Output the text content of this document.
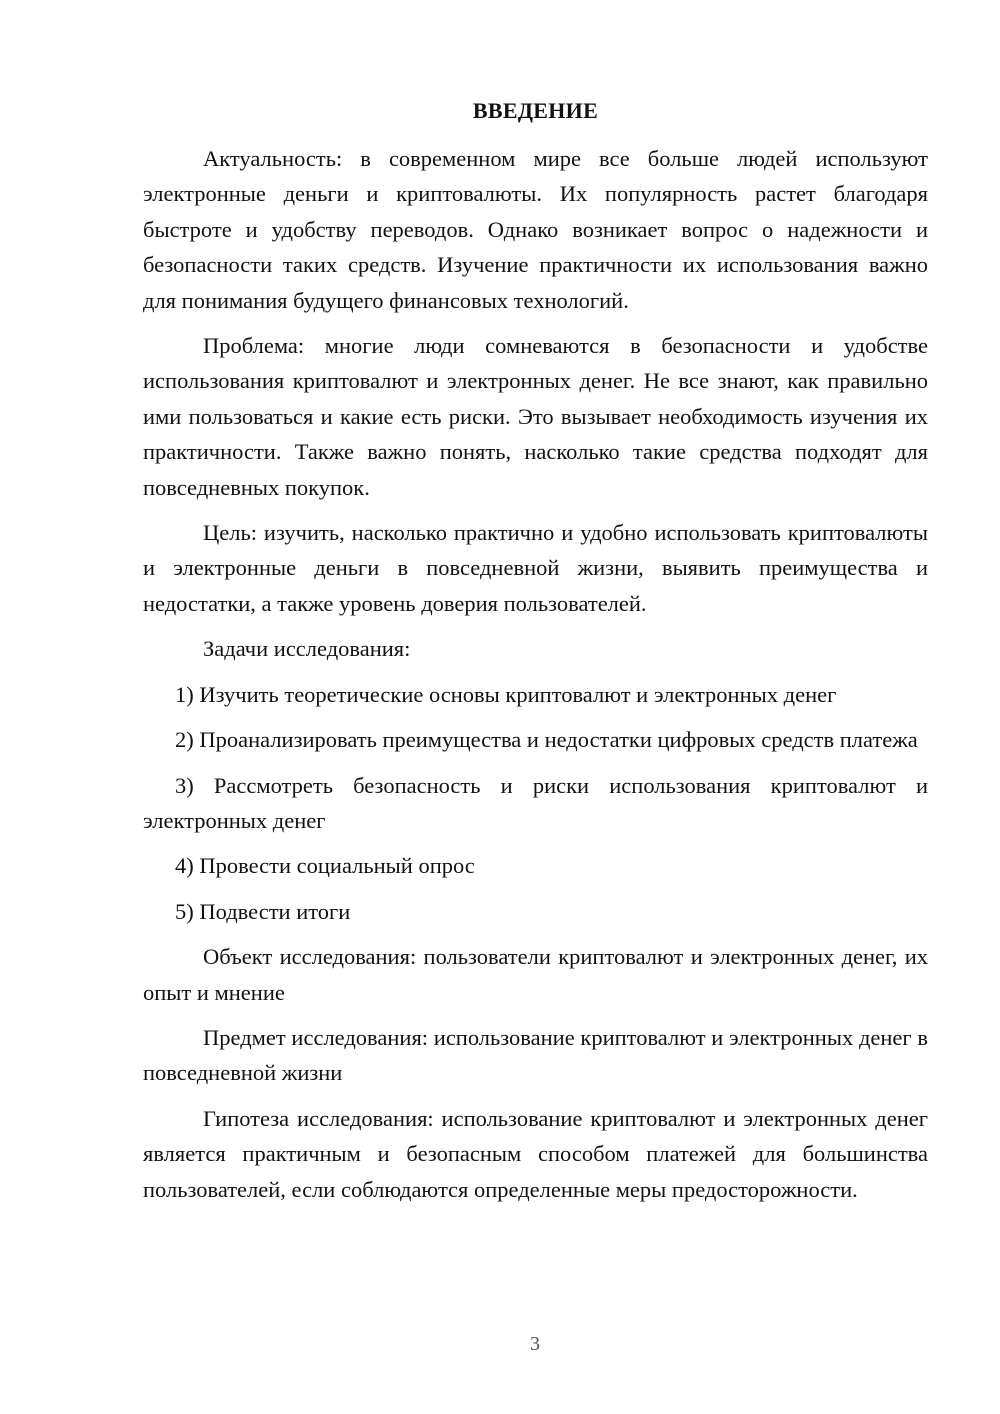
ВВЕДЕНИЕ

Актуальность: в современном мире все больше людей используют электронные деньги и криптовалюты. Их популярность растет благодаря быстроте и удобству переводов. Однако возникает вопрос о надежности и безопасности таких средств. Изучение практичности их использования важно для понимания будущего финансовых технологий.

Проблема: многие люди сомневаются в безопасности и удобстве использования криптовалют и электронных денег. Не все знают, как правильно ими пользоваться и какие есть риски. Это вызывает необходимость изучения их практичности. Также важно понять, насколько такие средства подходят для повседневных покупок.

Цель: изучить, насколько практично и удобно использовать криптовалюты и электронные деньги в повседневной жизни, выявить преимущества и недостатки, а также уровень доверия пользователей.

Задачи исследования:

1) Изучить теоретические основы криптовалют и электронных денег

2) Проанализировать преимущества и недостатки цифровых средств платежа

3) Рассмотреть безопасность и риски использования криптовалют и электронных денег

4) Провести социальный опрос

5) Подвести итоги

Объект исследования: пользователи криптовалют и электронных денег, их опыт и мнение

Предмет исследования: использование криптовалют и электронных денег в повседневной жизни

Гипотеза исследования: использование криптовалют и электронных денег является практичным и безопасным способом платежей для большинства пользователей, если соблюдаются определенные меры предосторожности.

3
